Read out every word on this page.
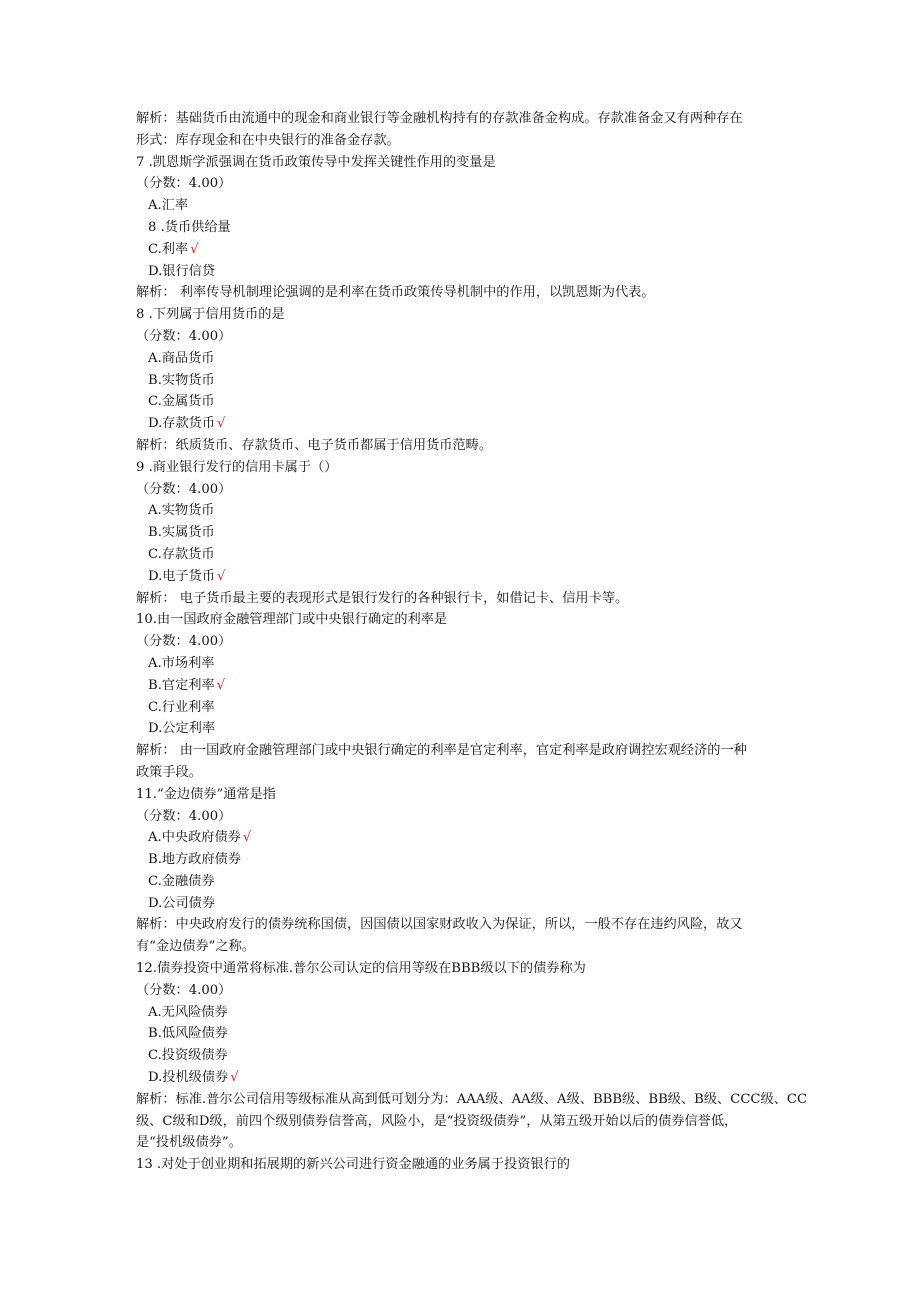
解析：基础货币由流通中的现金和商业银行等金融机构持有的存款准备金构成。存款准备金又有两种存在
形式：库存现金和在中央银行的准备金存款。
7 .凯恩斯学派强调在货币政策传导中发挥关键性作用的变量是
（分数：4.00）
A.汇率
8 .货币供给量
C.利率 √
D.银行信贷
解析： 利率传导机制理论强调的是利率在货币政策传导机制中的作用，以凯恩斯为代表。
8 .下列属于信用货币的是
（分数：4.00）
A.商品货币
B.实物货币
C.金属货币
D.存款货币 √
解析：纸质货币、存款货币、电子货币都属于信用货币范畴。
9 .商业银行发行的信用卡属于（）
（分数：4.00）
A.实物货币
B.实属货币
C.存款货币
D.电子货币 √
解析： 电子货币最主要的表现形式是银行发行的各种银行卡，如借记卡、信用卡等。
10.由一国政府金融管理部门或中央银行确定的利率是
（分数：4.00）
A.市场利率
B.官定利率 √
C.行业利率
D.公定利率
解析： 由一国政府金融管理部门或中央银行确定的利率是官定利率，官定利率是政府调控宏观经济的一种
政策手段。
11.“金边债券”通常是指
（分数：4.00）
A.中央政府债券 √
B.地方政府债券
C.金融债券
D.公司债券
解析：中央政府发行的债券统称国债，因国债以国家财政收入为保证，所以，一般不存在违约风险，故又
有“金边债券”之称。
12.债券投资中通常将标准.普尔公司认定的信用等级在BBB级以下的债券称为
（分数：4.00）
A.无风险债券
B.低风险债券
C.投资级债券
D.投机级债券 √
解析：标准.普尔公司信用等级标准从高到低可划分为：AAA级、AA级、A级、BBB级、BB级、B级、CCC级、CC
级、C级和D级，前四个级别债券信誉高，风险小，是“投资级债券”，从第五级开始以后的债券信誉低，
是“投机级债券”。
13 .对处于创业期和拓展期的新兴公司进行资金融通的业务属于投资银行的
